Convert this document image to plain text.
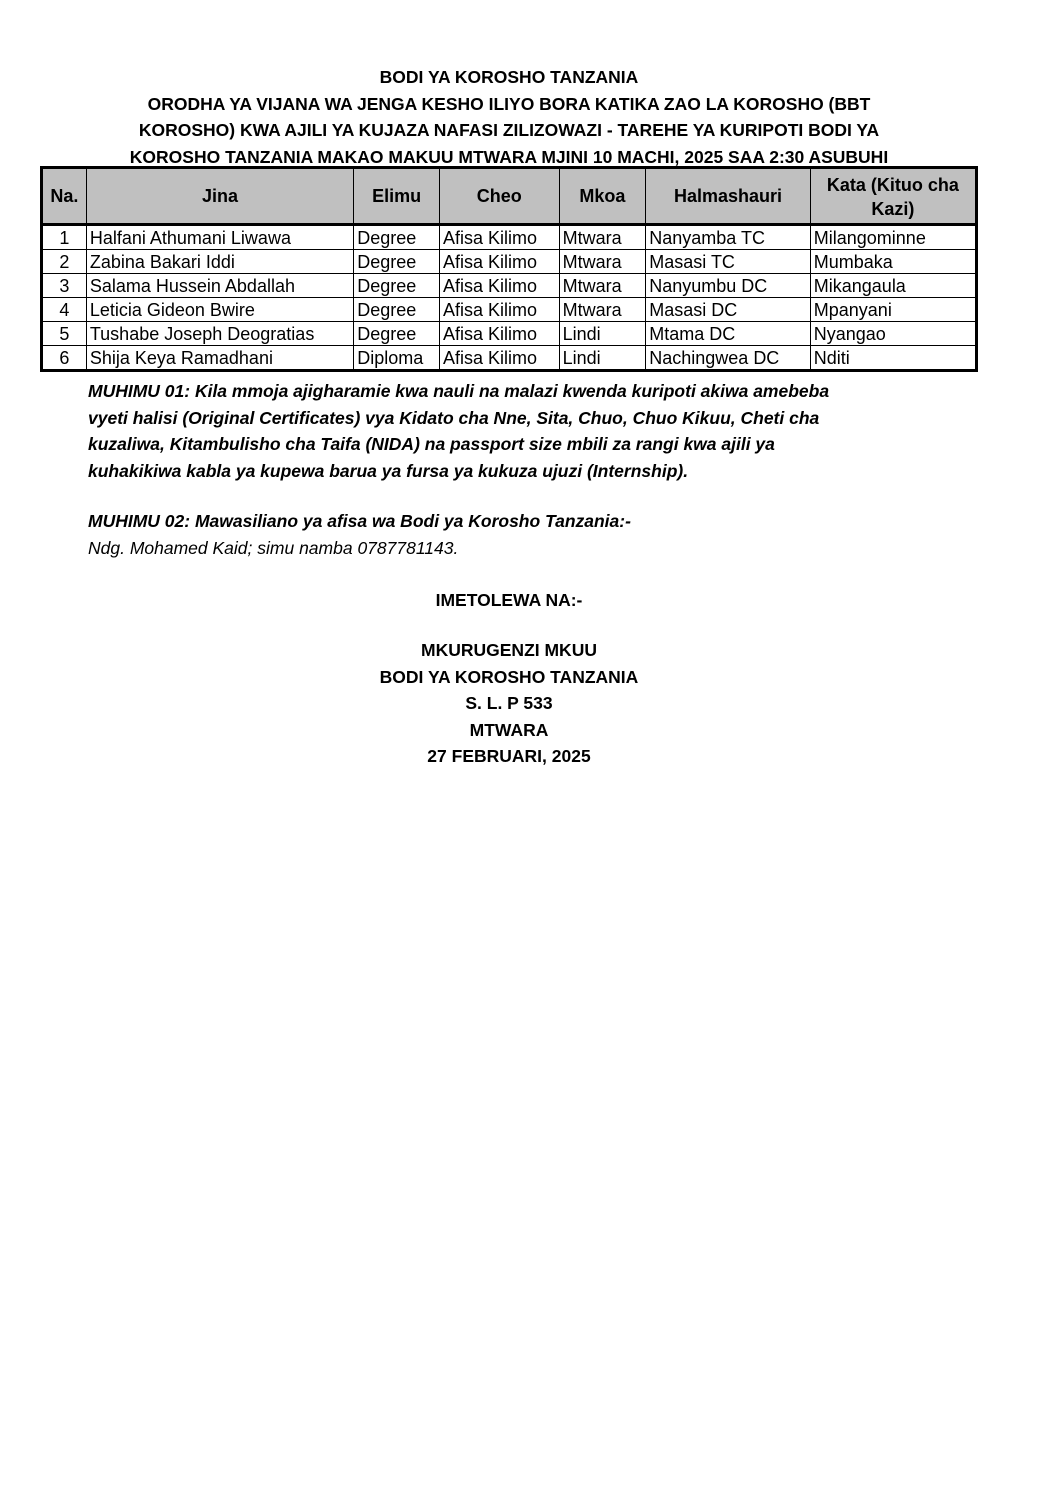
BODI YA KOROSHO TANZANIA
ORODHA YA VIJANA WA JENGA KESHO ILIYO BORA KATIKA ZAO LA KOROSHO (BBT
KOROSHO) KWA AJILI YA KUJAZA NAFASI ZILIZOWAZI - TAREHE YA KURIPOTI BODI YA
KOROSHO TANZANIA MAKAO MAKUU MTWARA MJINI 10 MACHI, 2025 SAA 2:30 ASUBUHI
Na.	Jina	Elimu	Cheo	Mkoa	Halmashauri	Kata (Kituo cha Kazi)
1	Halfani Athumani Liwawa	Degree	Afisa Kilimo	Mtwara	Nanyamba TC	Milangominne
2	Zabina Bakari Iddi	Degree	Afisa Kilimo	Mtwara	Masasi TC	Mumbaka
3	Salama Hussein Abdallah	Degree	Afisa Kilimo	Mtwara	Nanyumbu DC	Mikangaula
4	Leticia Gideon Bwire	Degree	Afisa Kilimo	Mtwara	Masasi DC	Mpanyani
5	Tushabe Joseph Deogratias	Degree	Afisa Kilimo	Lindi	Mtama DC	Nyangao
6	Shija Keya Ramadhani	Diploma	Afisa Kilimo	Lindi	Nachingwea DC	Nditi
MUHIMU 01: Kila mmoja ajigharamie kwa nauli na malazi kwenda kuripoti akiwa amebeba
vyeti halisi (Original Certificates) vya Kidato cha Nne, Sita, Chuo, Chuo Kikuu, Cheti cha
kuzaliwa, Kitambulisho cha Taifa (NIDA) na passport size mbili za rangi kwa ajili ya
kuhakikiwa kabla ya kupewa barua ya fursa ya kukuza ujuzi (Internship).
MUHIMU 02: Mawasiliano ya afisa wa Bodi ya Korosho Tanzania:-
Ndg. Mohamed Kaid; simu namba 0787781143.
IMETOLEWA NA:-
MKURUGENZI MKUU
BODI YA KOROSHO TANZANIA
S. L. P 533
MTWARA
27 FEBRUARI, 2025
